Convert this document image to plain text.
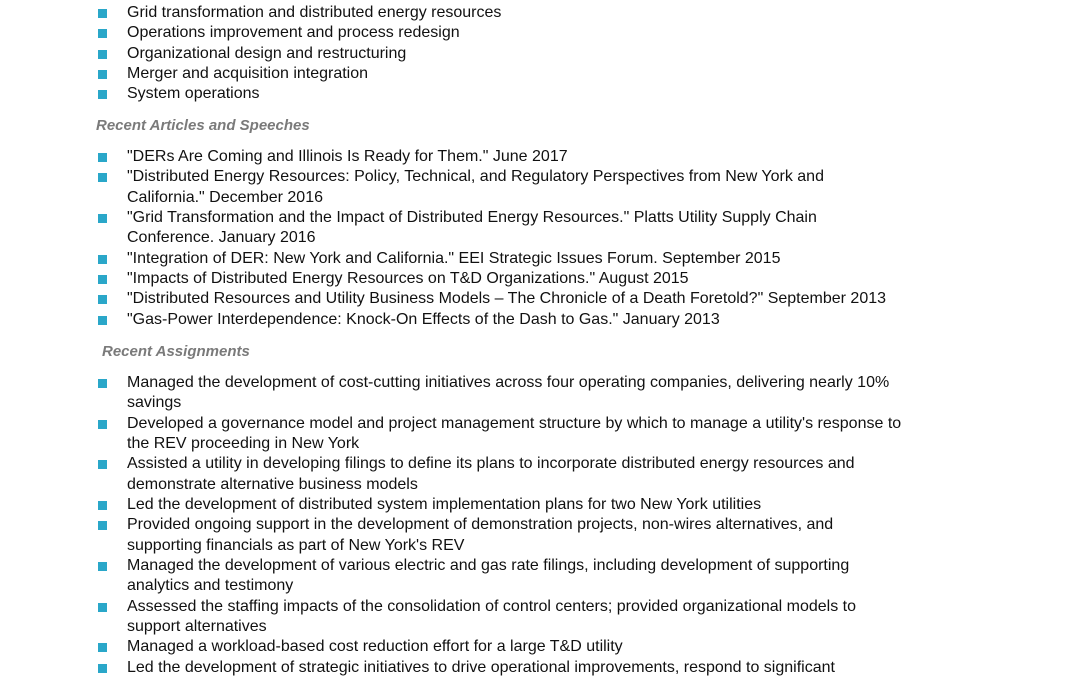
Grid transformation and distributed energy resources
Operations improvement and process redesign
Organizational design and restructuring
Merger and acquisition integration
System operations
Recent Articles and Speeches
"DERs Are Coming and Illinois Is Ready for Them." June 2017
"Distributed Energy Resources: Policy, Technical, and Regulatory Perspectives from New York and
California." December 2016
"Grid Transformation and the Impact of Distributed Energy Resources." Platts Utility Supply Chain
Conference. January 2016
"Integration of DER: New York and California." EEI Strategic Issues Forum. September 2015
"Impacts of Distributed Energy Resources on T&D Organizations." August 2015
"Distributed Resources and Utility Business Models – The Chronicle of a Death Foretold?" September 2013
"Gas-Power Interdependence: Knock-On Effects of the Dash to Gas." January 2013
Recent Assignments
Managed the development of cost-cutting initiatives across four operating companies, delivering nearly 10%
savings
Developed a governance model and project management structure by which to manage a utility's response to
the REV proceeding in New York
Assisted a utility in developing filings to define its plans to incorporate distributed energy resources and
demonstrate alternative business models
Led the development of distributed system implementation plans for two New York utilities
Provided ongoing support in the development of demonstration projects, non-wires alternatives, and
supporting financials as part of New York's REV
Managed the development of various electric and gas rate filings, including development of supporting
analytics and testimony
Assessed the staffing impacts of the consolidation of control centers; provided organizational models to
support alternatives
Managed a workload-based cost reduction effort for a large T&D utility
Led the development of strategic initiatives to drive operational improvements, respond to significant
